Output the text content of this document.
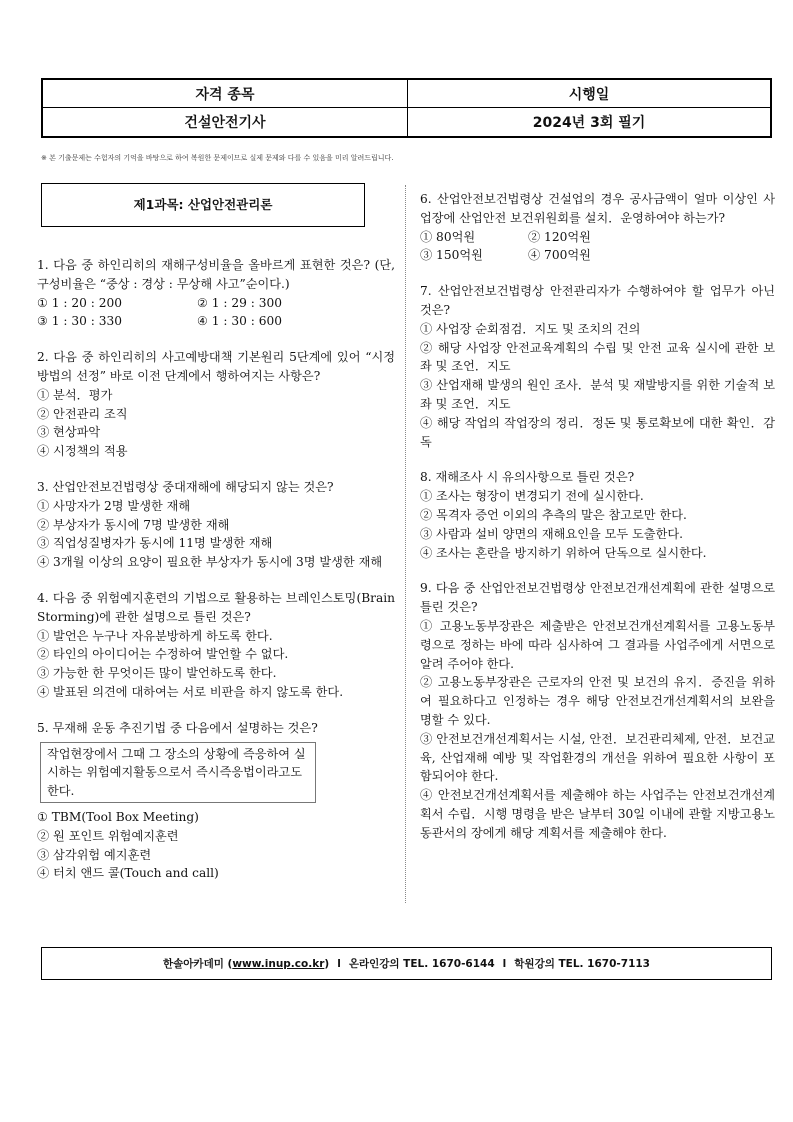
자격 종목	시행일
건설안전기사	2024년 3회 필기
※ 본 기출문제는 수험자의 기억을 바탕으로 하여 복원한 문제이므로 실제 문제와 다를 수 있음을 미리 알려드립니다.
제1과목: 산업안전관리론

1. 다음 중 하인리히의 재해구성비율을 올바르게 표현한 것은? (단, 구성비율은 “중상 : 경상 : 무상해 사고”순이다.)

① 1 : 20 : 200	② 1 : 29 : 300

③ 1 : 30 : 330	④ 1 : 30 : 600

2. 다음 중 하인리히의 사고예방대책 기본원리 5단계에 있어 “시정방법의 선정” 바로 이전 단계에서 행하여지는 사항은?

① 분석．평가

② 안전관리 조직

③ 현상파악

④ 시정책의 적용

3. 산업안전보건법령상 중대재해에 해당되지 않는 것은?

① 사망자가 2명 발생한 재해

② 부상자가 동시에 7명 발생한 재해

③ 직업성질병자가 동시에 11명 발생한 재해

④ 3개월 이상의 요양이 필요한 부상자가 동시에 3명 발생한 재해

4. 다음 중 위험예지훈련의 기법으로 활용하는 브레인스토밍(Brain Storming)에 관한 설명으로 틀린 것은?

① 발언은 누구나 자유분방하게 하도록 한다.

② 타인의 아이디어는 수정하여 발언할 수 없다.

③ 가능한 한 무엇이든 많이 발언하도록 한다.

④ 발표된 의견에 대하여는 서로 비판을 하지 않도록 한다.

5. 무재해 운동 추진기법 중 다음에서 설명하는 것은?

작업현장에서 그때 그 장소의 상황에 즉응하여 실시하는 위험예지활동으로서 즉시즉응법이라고도 한다.

① TBM(Tool Box Meeting)

② 원 포인트 위험예지훈련

③ 삼각위험 예지훈련

④ 터치 앤드 콜(Touch and call)

6. 산업안전보건법령상 건설업의 경우 공사금액이 얼마 이상인 사업장에 산업안전 보건위원회를 설치．운영하여야 하는가?

① 80억원	② 120억원

③ 150억원	④ 700억원

7. 산업안전보건법령상 안전관리자가 수행하여야 할 업무가 아닌 것은?

① 사업장 순회점검．지도 및 조치의 건의

② 해당 사업장 안전교육계획의 수립 및 안전 교육 실시에 관한 보좌 및 조언．지도

③ 산업재해 발생의 원인 조사．분석 및 재발방지를 위한 기술적 보좌 및 조언．지도

④ 해당 작업의 작업장의 정리．정돈 및 통로확보에 대한 확인．감독

8. 재해조사 시 유의사항으로 틀린 것은?

① 조사는 형장이 변경되기 전에 실시한다.

② 목격자 증언 이외의 추측의 말은 참고로만 한다.

③ 사람과 설비 양면의 재해요인을 모두 도출한다.

④ 조사는 혼란을 방지하기 위하여 단독으로 실시한다.

9. 다음 중 산업안전보건법령상 안전보건개선계획에 관한 설명으로 틀린 것은?

① 고용노동부장관은 제출받은 안전보건개선계획서를 고용노동부령으로 정하는 바에 따라 심사하여 그 결과를 사업주에게 서면으로 알려 주어야 한다.

② 고용노동부장관은 근로자의 안전 및 보건의 유지．증진을 위하여 필요하다고 인정하는 경우 해당 안전보건개선계획서의 보완을 명할 수 있다.

③ 안전보건개선계획서는 시설, 안전．보건관리체제, 안전．보건교육, 산업재해 예방 및 작업환경의 개선을 위하여 필요한 사항이 포함되어야 한다.

④ 안전보건개선계획서를 제출해야 하는 사업주는 안전보건개선계획서 수립．시행 명령을 받은 날부터 30일 이내에 관할 지방고용노동관서의 장에게 해당 계획서를 제출해야 한다.

한솔아카데미 ( www.inup.co.kr ) l 온라인강의 TEL. 1670-6144 l 학원강의 TEL. 1670-7113
